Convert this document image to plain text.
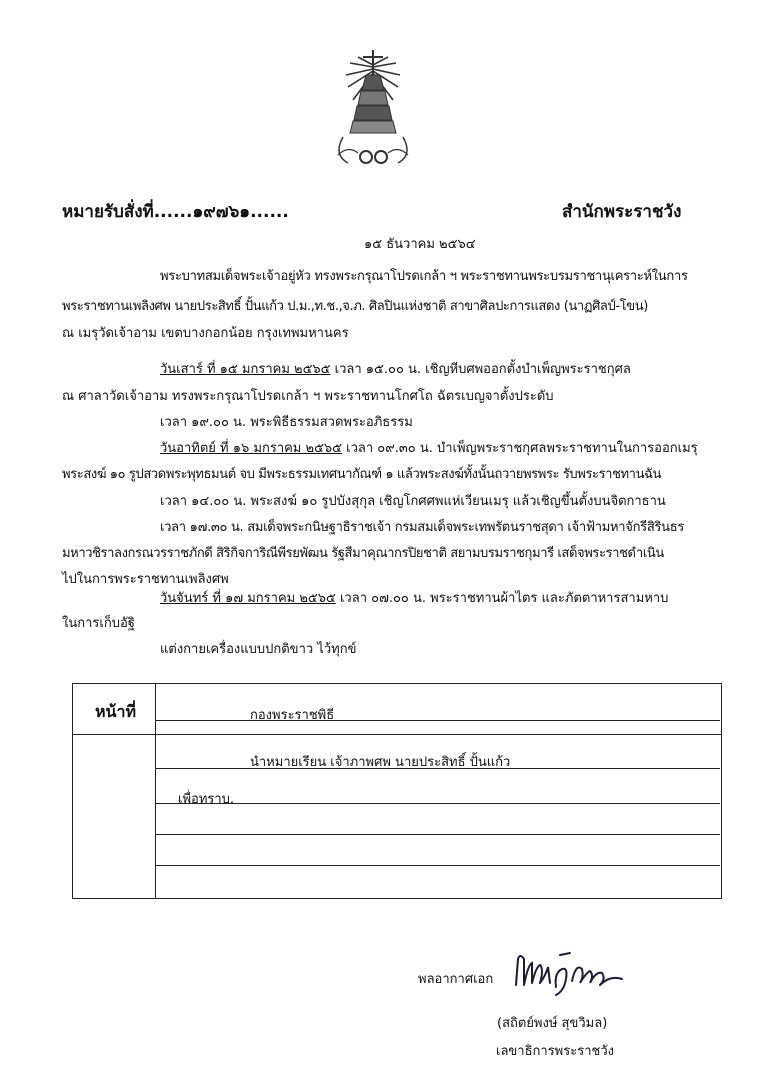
หมายรับสั่งที่......๑๙๗๖๑......	สำนักพระราชวัง
๑๕ ธันวาคม ๒๕๖๔
พระบาทสมเด็จพระเจ้าอยู่หัว ทรงพระกรุณาโปรดเกล้า ฯ พระราชทานพระบรมราชานุเคราะห์ในการ
พระราชทานเพลิงศพ นายประสิทธิ์ ปั้นแก้ว ป.ม.,ท.ช.,จ.ภ. ศิลปินแห่งชาติ สาขาศิลปะการแสดง (นาฏศิลป์-โขน)
ณ เมรุวัดเจ้าอาม เขตบางกอกน้อย กรุงเทพมหานคร
วันเสาร์ ที่ ๑๕ มกราคม ๒๕๖๕ เวลา ๑๕.๐๐ น. เชิญหีบศพออกตั้งบำเพ็ญพระราชกุศล
ณ ศาลาวัดเจ้าอาม ทรงพระกรุณาโปรดเกล้า ฯ พระราชทานโกศโถ ฉัตรเบญจาตั้งประดับ
เวลา ๑๙.๐๐ น. พระพิธีธรรมสวดพระอภิธรรม
วันอาทิตย์ ที่ ๑๖ มกราคม ๒๕๖๕ เวลา ๐๙.๓๐ น. บำเพ็ญพระราชกุศลพระราชทานในการออกเมรุ
พระสงฆ์ ๑๐ รูปสวดพระพุทธมนต์ จบ มีพระธรรมเทศนากัณฑ์ ๑ แล้วพระสงฆ์ทั้งนั้นถวายพรพระ รับพระราชทานฉัน
เวลา ๑๔.๐๐ น. พระสงฆ์ ๑๐ รูปบังสุกุล เชิญโกศศพแห่เวียนเมรุ แล้วเชิญขึ้นตั้งบนจิตกาธาน
เวลา ๑๗.๓๐ น. สมเด็จพระกนิษฐาธิราชเจ้า กรมสมเด็จพระเทพรัตนราชสุดา เจ้าฟ้ามหาจักรีสิรินธร
มหาวชิราลงกรณวรราชภักดี สิริกิจการิณีพีรยพัฒน รัฐสีมาคุณากรปิยชาติ สยามบรมราชกุมารี เสด็จพระราชดำเนิน
ไปในการพระราชทานเพลิงศพ
วันจันทร์ ที่ ๑๗ มกราคม ๒๕๖๕ เวลา ๐๗.๐๐ น. พระราชทานผ้าไตร และภัตตาหารสามหาบ
ในการเก็บอัฐิ
แต่งกายเครื่องแบบปกติขาว ไว้ทุกข์
หน้าที่	กองพระราชพิธี
นำหมายเรียน เจ้าภาพศพ นายประสิทธิ์ ปั้นแก้ว
เพื่อทราบ.
พลอากาศเอก
(สถิตย์พงษ์ สุขวิมล)
เลขาธิการพระราชวัง
